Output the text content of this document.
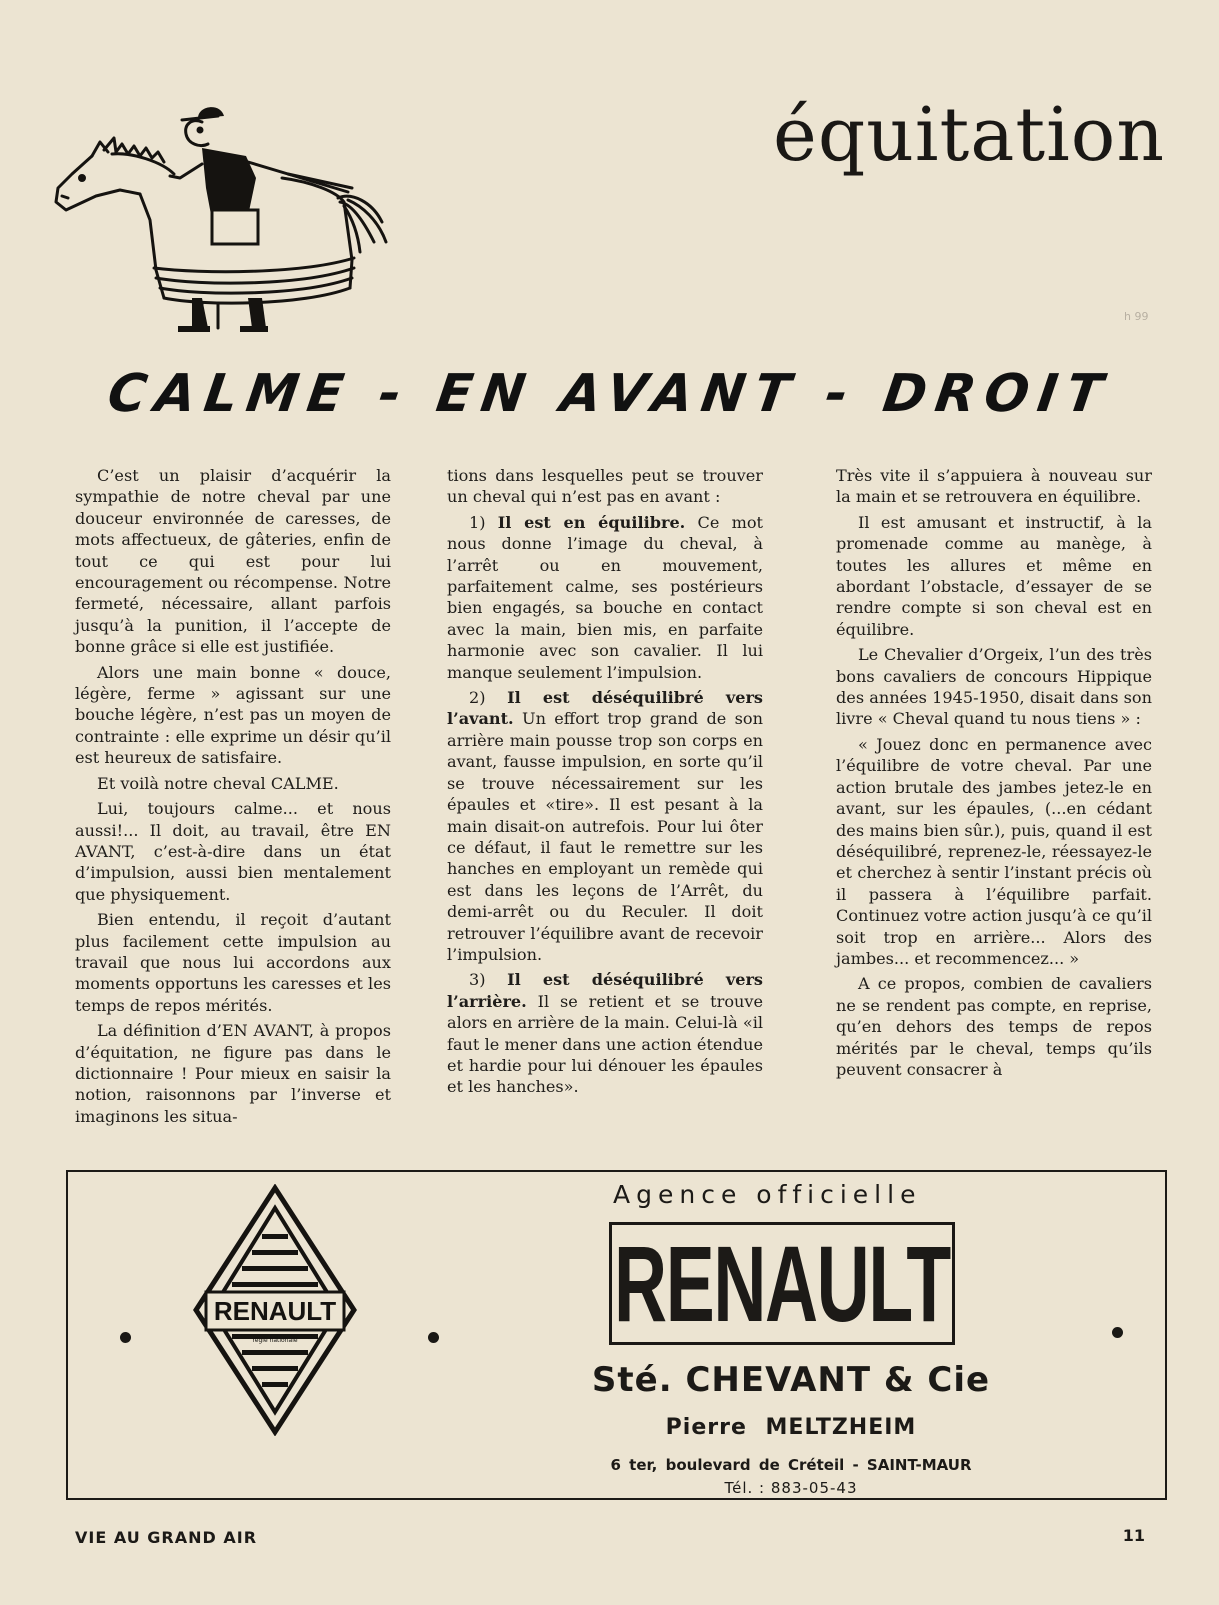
équitation
h 99
CALME - EN AVANT - DROIT

C’est un plaisir d’acquérir la sympathie de notre cheval par une douceur environnée de caresses, de mots affectueux, de gâteries, enfin de tout ce qui est pour lui encouragement ou récompense. Notre fermeté, nécessaire, allant parfois jusqu’à la punition, il l’accepte de bonne grâce si elle est justifiée.

Alors une main bonne « douce, légère, ferme » agissant sur une bouche légère, n’est pas un moyen de contrainte : elle exprime un désir qu’il est heureux de satisfaire.

Et voilà notre cheval CALME.

Lui, toujours calme... et nous aussi!... Il doit, au travail, être EN AVANT, c’est-à-dire dans un état d’impulsion, aussi bien mentalement que physiquement.

Bien entendu, il reçoit d’autant plus facilement cette impulsion au travail que nous lui accordons aux moments opportuns les caresses et les temps de repos mérités.

La définition d’EN AVANT, à propos d’équitation, ne figure pas dans le dictionnaire ! Pour mieux en saisir la notion, raisonnons par l’inverse et imaginons les situa-

tions dans lesquelles peut se trouver un cheval qui n’est pas en avant :

1) Il est en équilibre. Ce mot nous donne l’image du cheval, à l’arrêt ou en mouvement, parfaitement calme, ses postérieurs bien engagés, sa bouche en contact avec la main, bien mis, en parfaite harmonie avec son cavalier. Il lui manque seulement l’impulsion.

2) Il est déséquilibré vers l’avant. Un effort trop grand de son arrière main pousse trop son corps en avant, fausse impulsion, en sorte qu’il se trouve nécessairement sur les épaules et «tire». Il est pesant à la main disait-on autrefois. Pour lui ôter ce défaut, il faut le remettre sur les hanches en employant un remède qui est dans les leçons de l’Arrêt, du demi-arrêt ou du Reculer. Il doit retrouver l’équilibre avant de recevoir l’impulsion.

3) Il est déséquilibré vers l’arrière. Il se retient et se trouve alors en arrière de la main. Celui-là «il faut le mener dans une action étendue et hardie pour lui dénouer les épaules et les hanches».

Très vite il s’appuiera à nouveau sur la main et se retrouvera en équilibre.

Il est amusant et instructif, à la promenade comme au manège, à toutes les allures et même en abordant l’obstacle, d’essayer de se rendre compte si son cheval est en équilibre.

Le Chevalier d’Orgeix, l’un des très bons cavaliers de concours Hippique des années 1945-1950, disait dans son livre « Cheval quand tu nous tiens » :

« Jouez donc en permanence avec l’équilibre de votre cheval. Par une action brutale des jambes jetez-le en avant, sur les épaules, (...en cédant des mains bien sûr.), puis, quand il est déséquilibré, reprenez-le, réessayez-le et cherchez à sentir l’instant précis où il passera à l’équilibre parfait. Continuez votre action jusqu’à ce qu’il soit trop en arrière... Alors des jambes... et recommencez... »

A ce propos, combien de cavaliers ne se rendent pas compte, en reprise, qu’en dehors des temps de repos mérités par le cheval, temps qu’ils peuvent consacrer à

RENAULT
régie nationale
Agence officielle
RENAULT
Sté. CHEVANT & Cie
Pierre MELTZHEIM
6 ter, boulevard de Créteil - SAINT-MAUR
Tél. : 883-05-43
VIE AU GRAND AIR	11
